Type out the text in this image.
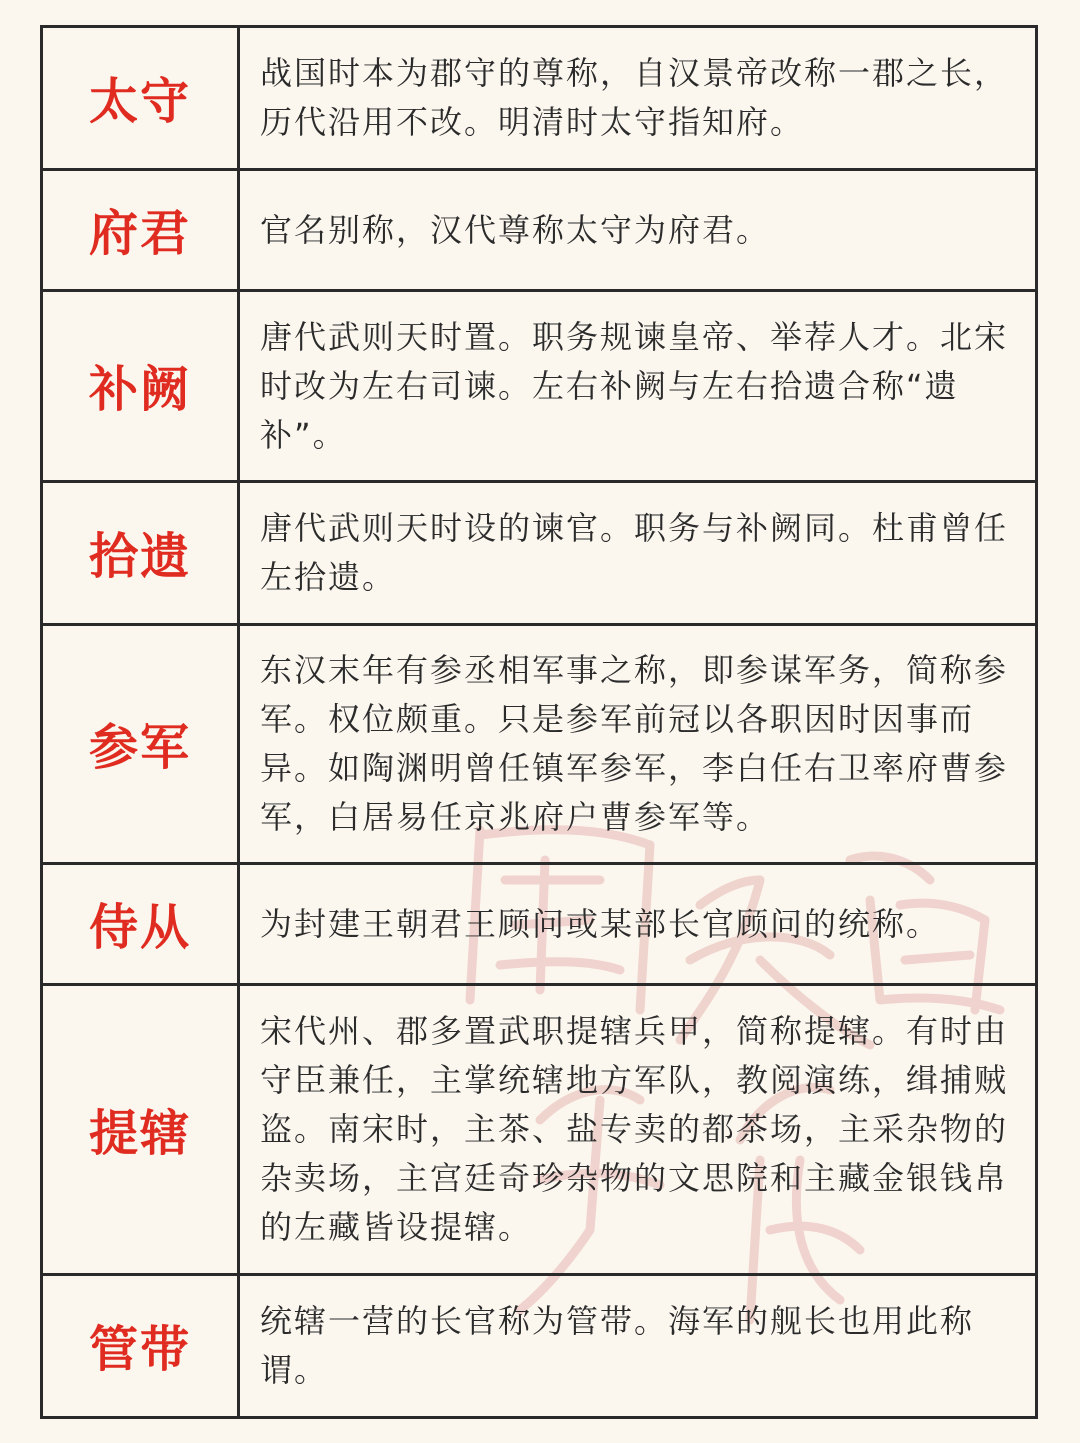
太守 战国时本为郡守的尊称，自汉景帝改称一郡之长，历代沿用不改。明清时太守指知府。
府君 官名别称，汉代尊称太守为府君。
补阙
唐代武则天时置。职务规谏皇帝、举荐人才。北宋时改为左右司谏。左右补阙与左右拾遗合称“遗补”。
拾遗 唐代武则天时设的谏官。职务与补阙同。杜甫曾任左拾遗。
参军
东汉末年有参丞相军事之称，即参谋军务，简称参军。权位颇重。只是参军前冠以各职因时因事而异。如陶渊明曾任镇军参军，李白任右卫率府曹参军，白居易任京兆府户曹参军等。
侍从 为封建王朝君王顾问或某部长官顾问的统称。
提辖
宋代州、郡多置武职提辖兵甲，简称提辖。有时由守臣兼任，主掌统辖地方军队，教阅演练，缉捕贼盗。南宋时，主茶、盐专卖的都茶场，主采杂物的杂卖场，主宫廷奇珍杂物的文思院和主藏金银钱帛的左藏皆设提辖。
管带 统辖一营的长官称为管带。海军的舰长也用此称谓。
